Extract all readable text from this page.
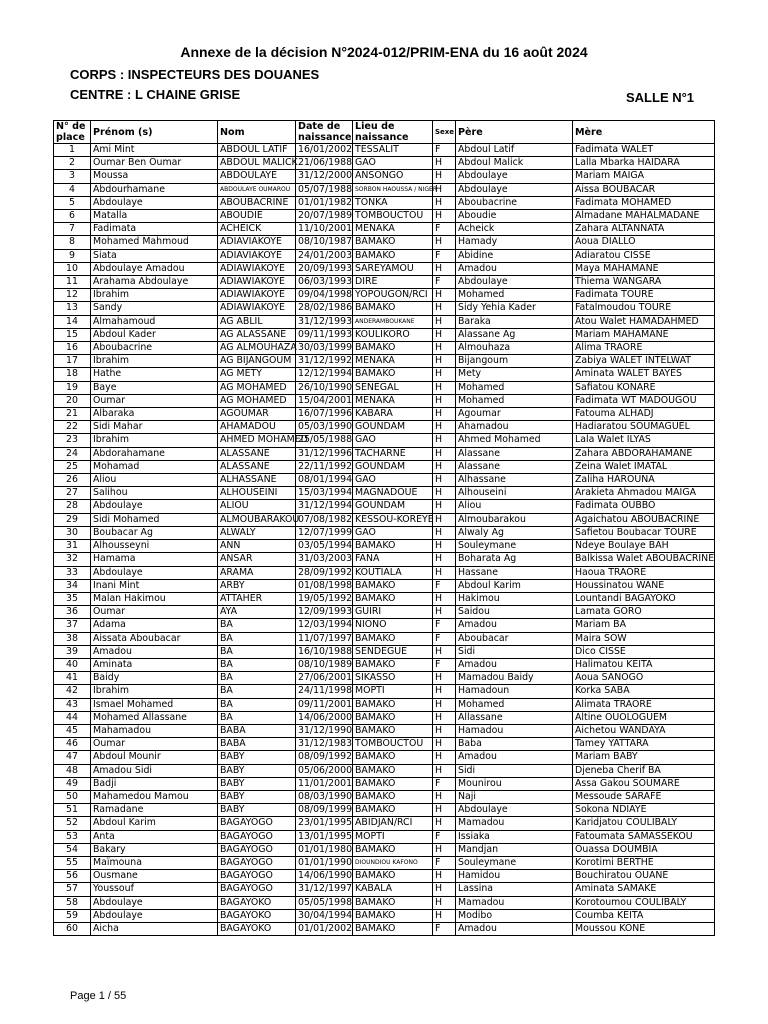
Annexe de la décision N°2024-012/PRIM-ENA du 16 août 2024
CORPS : INSPECTEURS DES DOUANES
CENTRE : L CHAINE GRISE	SALLE N°1
N° de place	Prénom (s)	Nom	Date de naissance	Lieu de naissance	Sexe	Père	Mère
1	Ami Mint	ABDOUL LATIF	16/01/2002	TESSALIT	F	Abdoul Latif	Fadimata WALET
2	Oumar Ben Oumar	ABDOUL MALICK	21/06/1988	GAO	H	Abdoul Malick	Lalla Mbarka HAIDARA
3	Moussa	ABDOULAYE	31/12/2000	ANSONGO	H	Abdoulaye	Mariam MAIGA
4	Abdourhamane	ABDOULAYE OUMAROU	05/07/1988	SORBON HAOUSSA / NIGER	H	Abdoulaye	Aissa BOUBACAR
5	Abdoulaye	ABOUBACRINE	01/01/1982	TONKA	H	Aboubacrine	Fadimata MOHAMED
6	Matalla	ABOUDIE	20/07/1989	TOMBOUCTOU	H	Aboudie	Almadane MAHALMADANE
7	Fadimata	ACHEICK	11/10/2001	MENAKA	F	Acheick	Zahara ALTANNATA
8	Mohamed Mahmoud	ADIAVIAKOYE	08/10/1987	BAMAKO	H	Hamady	Aoua DIALLO
9	Siata	ADIAVIAKOYE	24/01/2003	BAMAKO	F	Abidine	Adiaratou CISSE
10	Abdoulaye Amadou	ADIAWIAKOYE	20/09/1993	SAREYAMOU	H	Amadou	Maya MAHAMANE
11	Arahama Abdoulaye	ADIAWIAKOYE	06/03/1993	DIRE	F	Abdoulaye	Thiema WANGARA
12	Ibrahim	ADIAWIAKOYE	09/04/1998	YOPOUGON/RCI	H	Mohamed	Fadimata TOURE
13	Sandy	ADIAWIAKOYE	28/02/1986	BAMAKO	H	Sidy Yehia Kader	Fatalmoudou TOURE
14	Almahamoud	AG ABLIL	31/12/1993	ANDERAMBOUKANE	H	Baraka	Atou Walet HAMADAHMED
15	Abdoul Kader	AG ALASSANE	09/11/1993	KOULIKORO	H	Alassane Ag	Mariam MAHAMANE
16	Aboubacrine	AG ALMOUHAZA	30/03/1999	BAMAKO	H	Almouhaza	Alima TRAORE
17	Ibrahim	AG BIJANGOUM	31/12/1992	MENAKA	H	Bijangoum	Zabiya WALET INTELWAT
18	Hathe	AG METY	12/12/1994	BAMAKO	H	Mety	Aminata WALET BAYES
19	Baye	AG MOHAMED	26/10/1990	SENEGAL	H	Mohamed	Safiatou KONARE
20	Oumar	AG MOHAMED	15/04/2001	MENAKA	H	Mohamed	Fadimata WT MADOUGOU
21	Albaraka	AGOUMAR	16/07/1996	KABARA	H	Agoumar	Fatouma ALHADJ
22	Sidi Mahar	AHAMADOU	05/03/1990	GOUNDAM	H	Ahamadou	Hadiaratou SOUMAGUEL
23	Ibrahim	AHMED MOHAMED	25/05/1988	GAO	H	Ahmed Mohamed	Lala Walet ILYAS
24	Abdorahamane	ALASSANE	31/12/1996	TACHARNE	H	Alassane	Zahara ABDORAHAMANE
25	Mohamad	ALASSANE	22/11/1992	GOUNDAM	H	Alassane	Zeina Walet IMATAL
26	Aliou	ALHASSANE	08/01/1994	GAO	H	Alhassane	Zaliha HAROUNA
27	Salihou	ALHOUSEINI	15/03/1994	MAGNADOUE	H	Alhouseini	Arakieta Ahmadou MAIGA
28	Abdoulaye	ALIOU	31/12/1994	GOUNDAM	H	Aliou	Fadimata OUBBO
29	Sidi Mohamed	ALMOUBARAKOU	07/08/1982	KESSOU-KOREYE	H	Almoubarakou	Agaichatou ABOUBACRINE
30	Boubacar Ag	ALWALY	12/07/1999	GAO	H	Alwaly Ag	Safietou Boubacar TOURE
31	Alhousseyni	ANN	03/05/1994	BAMAKO	H	Souleymane	Ndeye Boulaye BAH
32	Hamama	ANSAR	31/03/2003	FANA	H	Boharata Ag	Balkissa Walet ABOUBACRINE
33	Abdoulaye	ARAMA	28/09/1992	KOUTIALA	H	Hassane	Haoua TRAORE
34	Inani Mint	ARBY	01/08/1998	BAMAKO	F	Abdoul Karim	Houssinatou WANE
35	Malan Hakimou	ATTAHER	19/05/1992	BAMAKO	H	Hakimou	Lountandi BAGAYOKO
36	Oumar	AYA	12/09/1993	GUIRI	H	Saidou	Lamata GORO
37	Adama	BA	12/03/1994	NIONO	F	Amadou	Mariam BA
38	Aissata Aboubacar	BA	11/07/1997	BAMAKO	F	Aboubacar	Maira SOW
39	Amadou	BA	16/10/1988	SENDEGUE	H	Sidi	Dico CISSE
40	Aminata	BA	08/10/1989	BAMAKO	F	Amadou	Halimatou KEITA
41	Baidy	BA	27/06/2001	SIKASSO	H	Mamadou Baidy	Aoua SANOGO
42	Ibrahim	BA	24/11/1998	MOPTI	H	Hamadoun	Korka SABA
43	Ismael Mohamed	BA	09/11/2001	BAMAKO	H	Mohamed	Alimata TRAORE
44	Mohamed Allassane	BA	14/06/2000	BAMAKO	H	Allassane	Altine OUOLOGUEM
45	Mahamadou	BABA	31/12/1990	BAMAKO	H	Hamadou	Aichetou WANDAYA
46	Oumar	BABA	31/12/1983	TOMBOUCTOU	H	Baba	Tamey YATTARA
47	Abdoul Mounir	BABY	08/09/1992	BAMAKO	H	Amadou	Mariam BABY
48	Amadou Sidi	BABY	05/06/2000	BAMAKO	H	Sidi	Djeneba Cherif BA
49	Badji	BABY	11/01/2001	BAMAKO	F	Mounirou	Assa Gakou SOUMARE
50	Mahamedou Mamou	BABY	08/03/1990	BAMAKO	H	Naji	Messoude SARAFE
51	Ramadane	BABY	08/09/1999	BAMAKO	H	Abdoulaye	Sokona NDIAYE
52	Abdoul Karim	BAGAYOGO	23/01/1995	ABIDJAN/RCI	H	Mamadou	Karidjatou COULIBALY
53	Anta	BAGAYOGO	13/01/1995	MOPTI	F	Issiaka	Fatoumata SAMASSEKOU
54	Bakary	BAGAYOGO	01/01/1980	BAMAKO	H	Mandjan	Ouassa DOUMBIA
55	Maïmouna	BAGAYOGO	01/01/1990	DIOUNDIOU KAFONO	F	Souleymane	Korotimi BERTHE
56	Ousmane	BAGAYOGO	14/06/1990	BAMAKO	H	Hamidou	Bouchiratou OUANE
57	Youssouf	BAGAYOGO	31/12/1997	KABALA	H	Lassina	Aminata SAMAKE
58	Abdoulaye	BAGAYOKO	05/05/1998	BAMAKO	H	Mamadou	Korotoumou COULIBALY
59	Abdoulaye	BAGAYOKO	30/04/1994	BAMAKO	H	Modibo	Coumba KEITA
60	Aicha	BAGAYOKO	01/01/2002	BAMAKO	F	Amadou	Moussou KONE
Page 1 / 55
